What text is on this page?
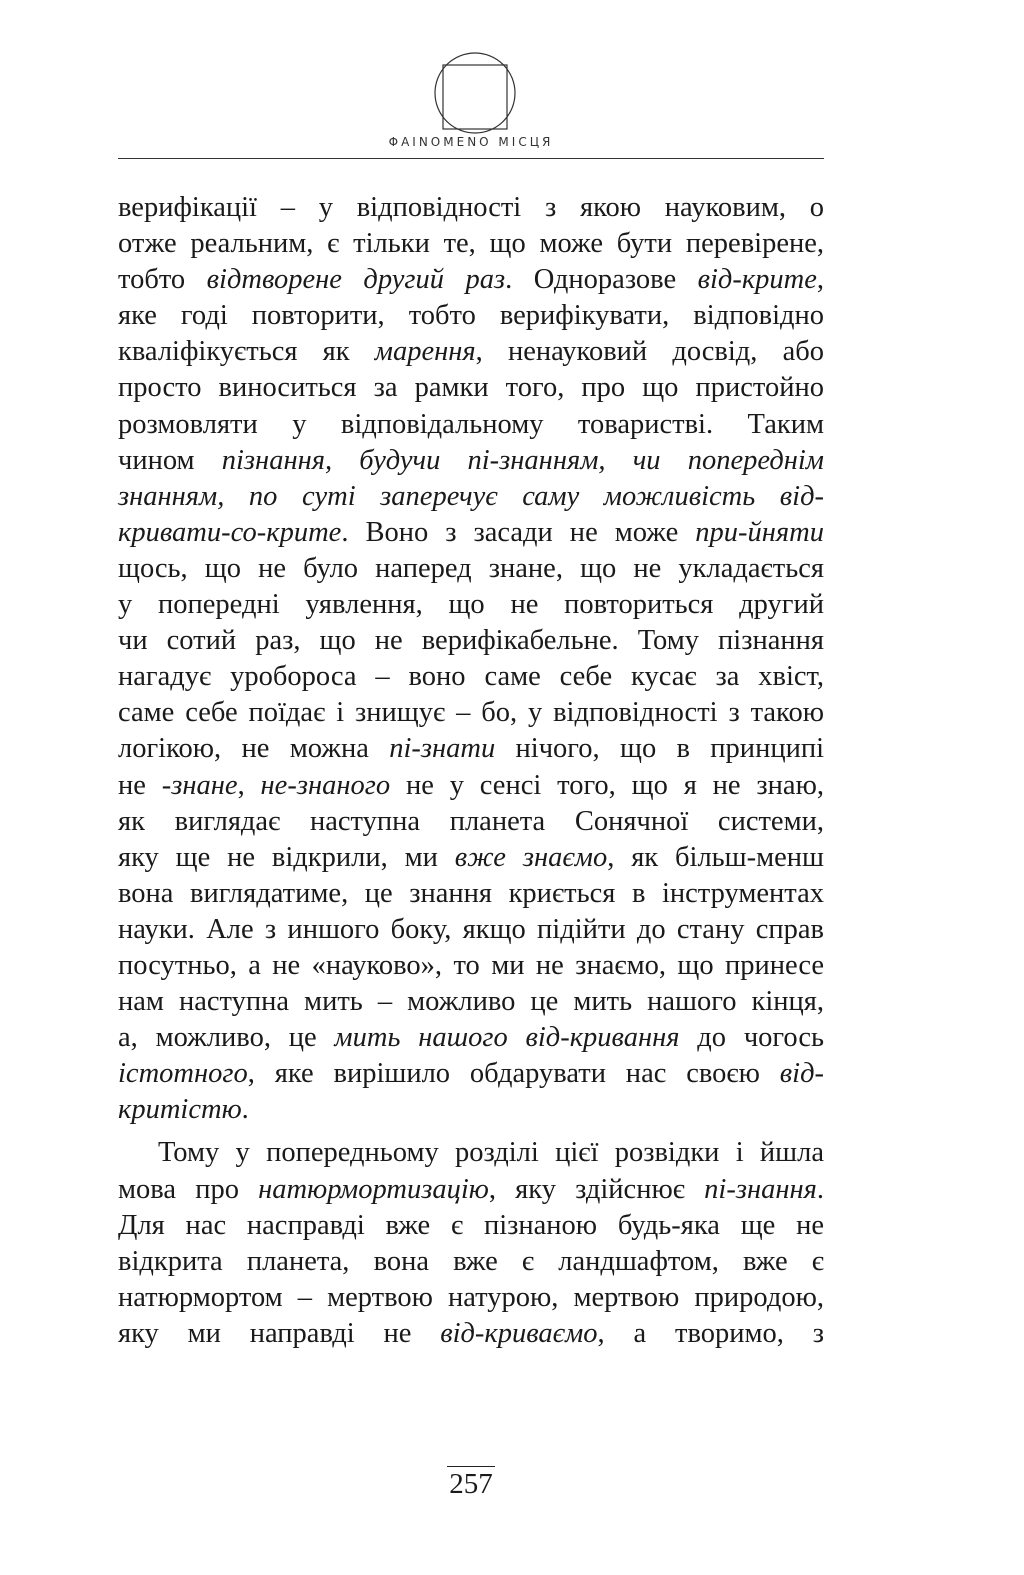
ΦAINOMENO МІСЦЯ
верифікації – у відповідності з якою науковим, о
отже реальним, є тільки те, що може бути перевірене,
тобто відтворене другий раз. Одноразове від-крите,
яке годі повторити, тобто верифікувати, відповідно
кваліфікується як марення, ненауковий досвід, або
просто виноситься за рамки того, про що пристойно
розмовляти у відповідальному товаристві. Таким
чином пізнання, будучи пі-знанням, чи попереднім
знанням, по суті заперечує саму можливість від-
кривати-со-крите. Воно з засади не може при-йняти
щось, що не було наперед знане, що не укладається
у попередні уявлення, що не повториться другий
чи сотий раз, що не верифікабельне. Тому пізнання
нагадує уробороса – воно саме себе кусає за хвіст,
саме себе поїдає і знищує – бо, у відповідності з такою
логікою, не можна пі-знати нічого, що в принципі
не -знане, не-знаного не у сенсі того, що я не знаю,
як виглядає наступна планета Сонячної системи,
яку ще не відкрили, ми вже знаємо, як більш-менш
вона виглядатиме, це знання криється в інструментах
науки. Але з иншого боку, якщо підійти до стану справ
посутньо, а не «науково», то ми не знаємо, що принесе
нам наступна мить – можливо це мить нашого кінця,
а, можливо, це мить нашого від-кривання до чогось
істотного, яке вирішило обдарувати нас своєю від-
критістю.
Тому у попередньому розділі цієї розвідки і йшла
мова про натюрмортизацію, яку здійснює пі-знання.
Для нас насправді вже є пізнаною будь-яка ще не
відкрита планета, вона вже є ландшафтом, вже є
натюрмортом – мертвою натурою, мертвою природою,
яку ми направді не від-криваємо, а творимо, з
257
